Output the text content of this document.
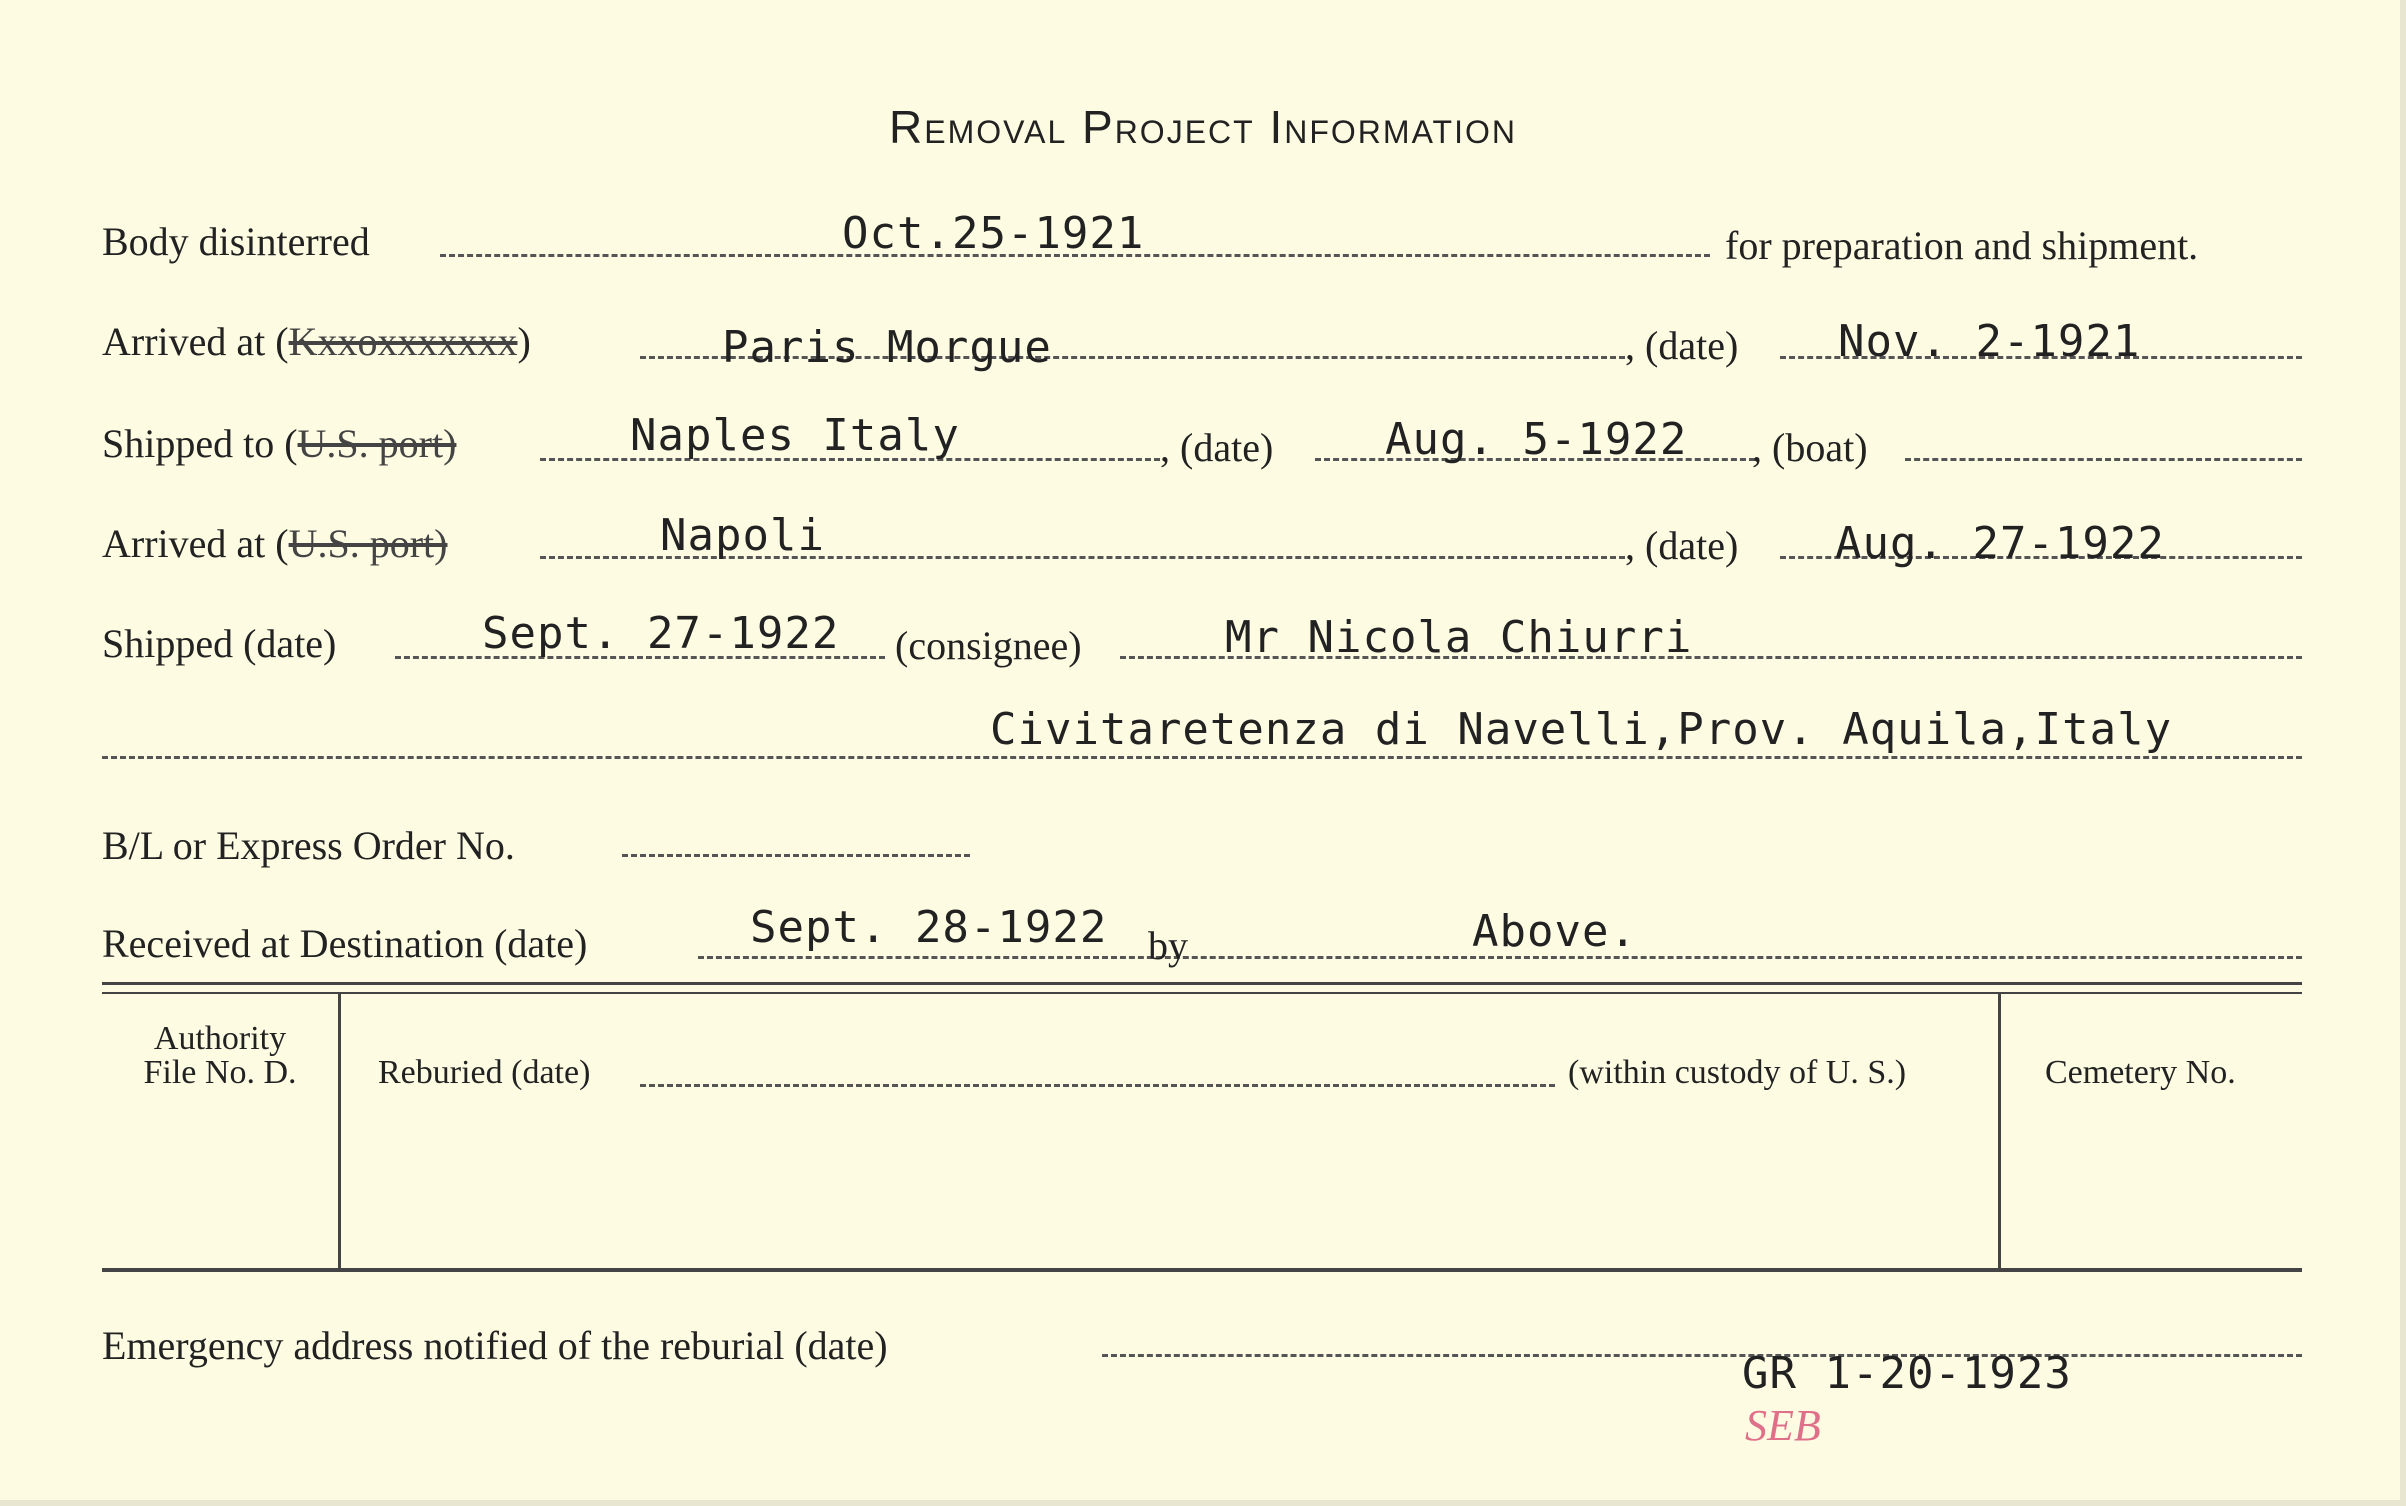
Removal Project Information
Body disinterred	Oct.25-1921	for preparation and shipment.
Arrived at (Kxxoxxxxxxx)	Paris Morgue	, (date) Nov. 2-1921
Shipped to (U.S. port)	Naples Italy	, (date)	Aug. 5-1922 , (boat)
Arrived at (U.S. port)	Napoli	, (date) Aug. 27-1922
Shipped (date)	Sept. 27-1922 (consignee)	Mr Nicola Chiurri
Civitaretenza di Navelli,Prov. Aquila,Italy
B/L or Express Order No.
Received at Destination (date)	Sept. 28-1922 by	Above.
Authority
File No. D.	Reburied (date)	(within custody of U. S.)	Cemetery No.
Emergency address notified of the reburial (date)
GR 1-20-1923
SEB
